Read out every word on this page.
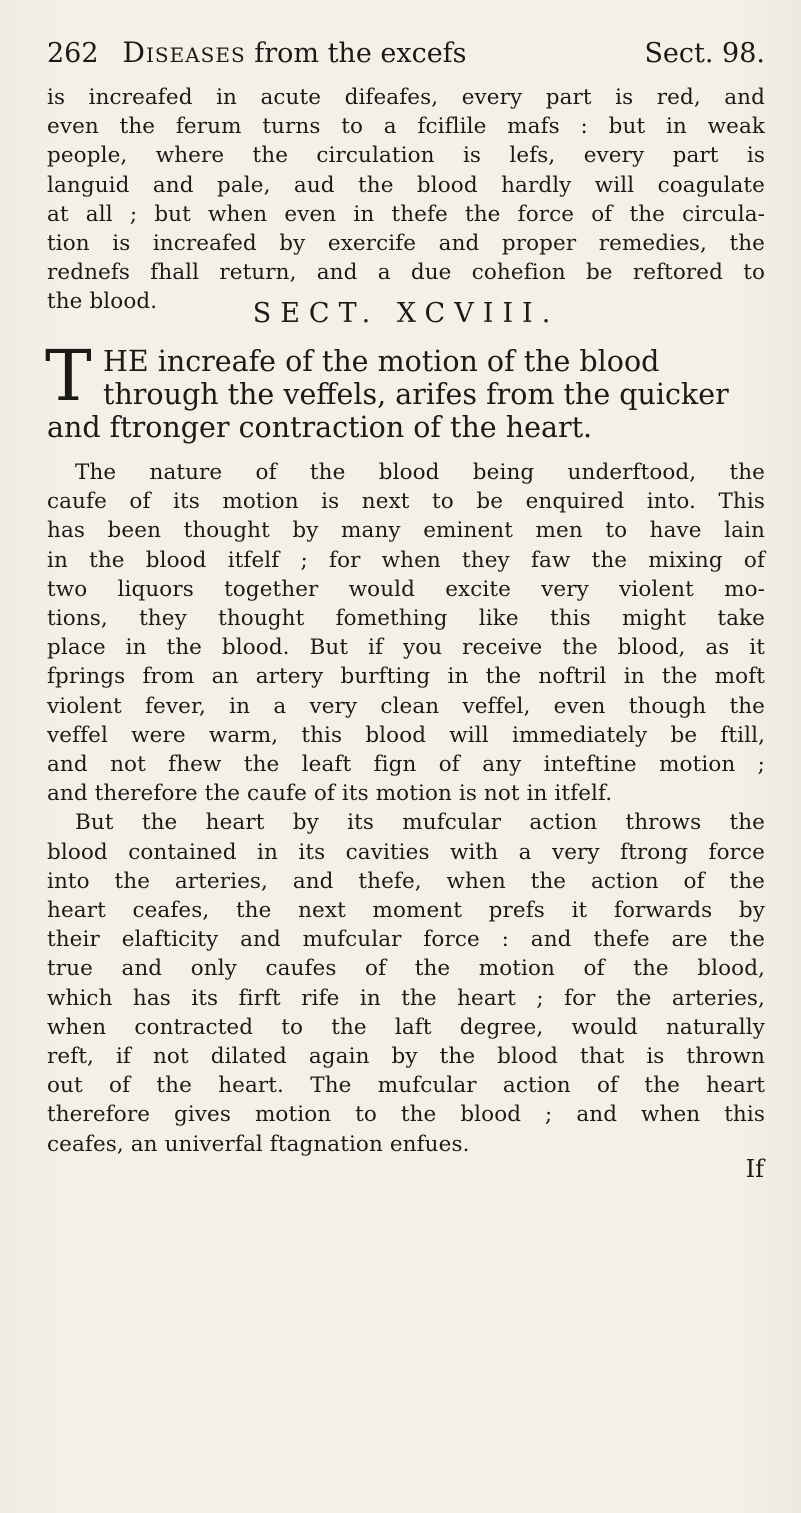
262 Diseases from the excefs	Sect. 98.
is increafed in acute difeafes, every part is red, and
even the ferum turns to a fciflile mafs : but in weak
people, where the circulation is lefs, every part is
languid and pale, aud the blood hardly will coagulate
at all ; but when even in thefe the force of the circula-
tion is increafed by exercife and proper remedies, the
rednefs fhall return, and a due cohefion be reftored to
the blood.	SECT. XCVIII.
T HE increafe of the motion of the blood
through the veffels, arifes from the quicker
and ftronger contraction of the heart.
The nature of the blood being underftood, the
caufe of its motion is next to be enquired into. This
has been thought by many eminent men to have lain
in the blood itfelf ; for when they faw the mixing of
two liquors together would excite very violent mo-
tions, they thought fomething like this might take
place in the blood. But if you receive the blood, as it
fprings from an artery burfting in the noftril in the moft
violent fever, in a very clean veffel, even though the
veffel were warm, this blood will immediately be ftill,
and not fhew the leaft fign of any inteftine motion ;
and therefore the caufe of its motion is not in itfelf.
But the heart by its mufcular action throws the
blood contained in its cavities with a very ftrong force
into the arteries, and thefe, when the action of the
heart ceafes, the next moment prefs it forwards by
their elafticity and mufcular force : and thefe are the
true and only caufes of the motion of the blood,
which has its firft rife in the heart ; for the arteries,
when contracted to the laft degree, would naturally
reft, if not dilated again by the blood that is thrown
out of the heart. The mufcular action of the heart
therefore gives motion to the blood ; and when this
ceafes, an univerfal ftagnation enfues.
If
